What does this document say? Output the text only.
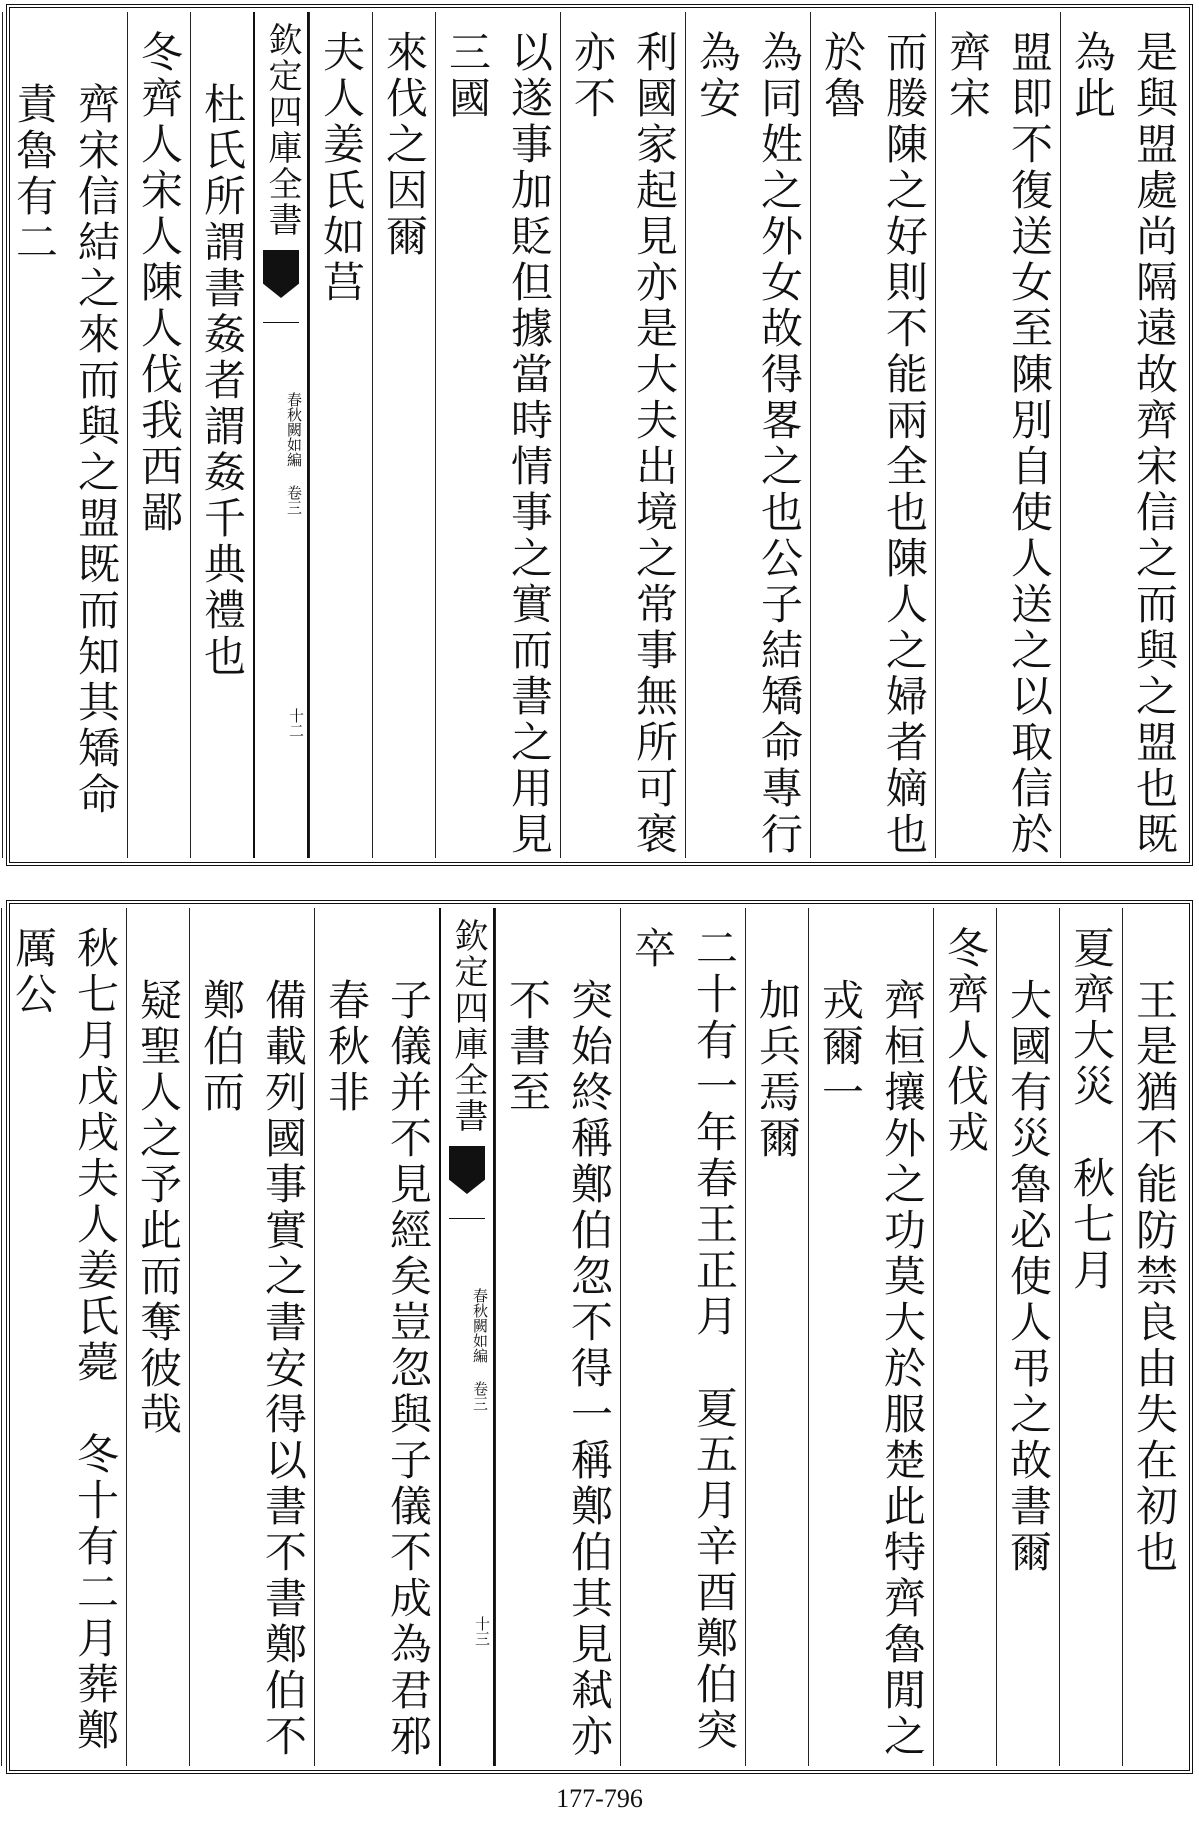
是與盟處尚隔遠故齊宋信之而與之盟也既為此
盟即不復送女至陳別自使人送之以取信於齊宋
而媵陳之好則不能兩全也陳人之婦者嫡也於魯
為同姓之外女故得畧之也公子結矯命專行為安
利國家起見亦是大夫出境之常事無所可褒亦不
以遂事加貶但據當時情事之實而書之用見三國
來伐之因爾
夫人姜氏如莒
欽定四庫全書
春秋闕如編 卷三
十二
杜氏所謂書姦者謂姦千典禮也
冬齊人宋人陳人伐我西鄙
齊宋信結之來而與之盟既而知其矯命責魯有二
王是猶不能防禁良由失在初也
夏齊大災　秋七月
大國有災魯必使人弔之故書爾
冬齊人伐戎
齊桓攘外之功莫大於服楚此特齊魯閒之戎爾一
加兵焉爾
二十有一年春王正月　夏五月辛酉鄭伯突卒
突始終稱鄭伯忽不得一稱鄭伯其見弒亦不書至
欽定四庫全書
春秋闕如編 卷三
十三
子儀并不見經矣豈忽與子儀不成為君邪春秋非
備載列國事實之書安得以書不書鄭伯不鄭伯而
疑聖人之予此而奪彼哉
秋七月戊戌夫人姜氏薨　冬十有二月葬鄭厲公
177-796
